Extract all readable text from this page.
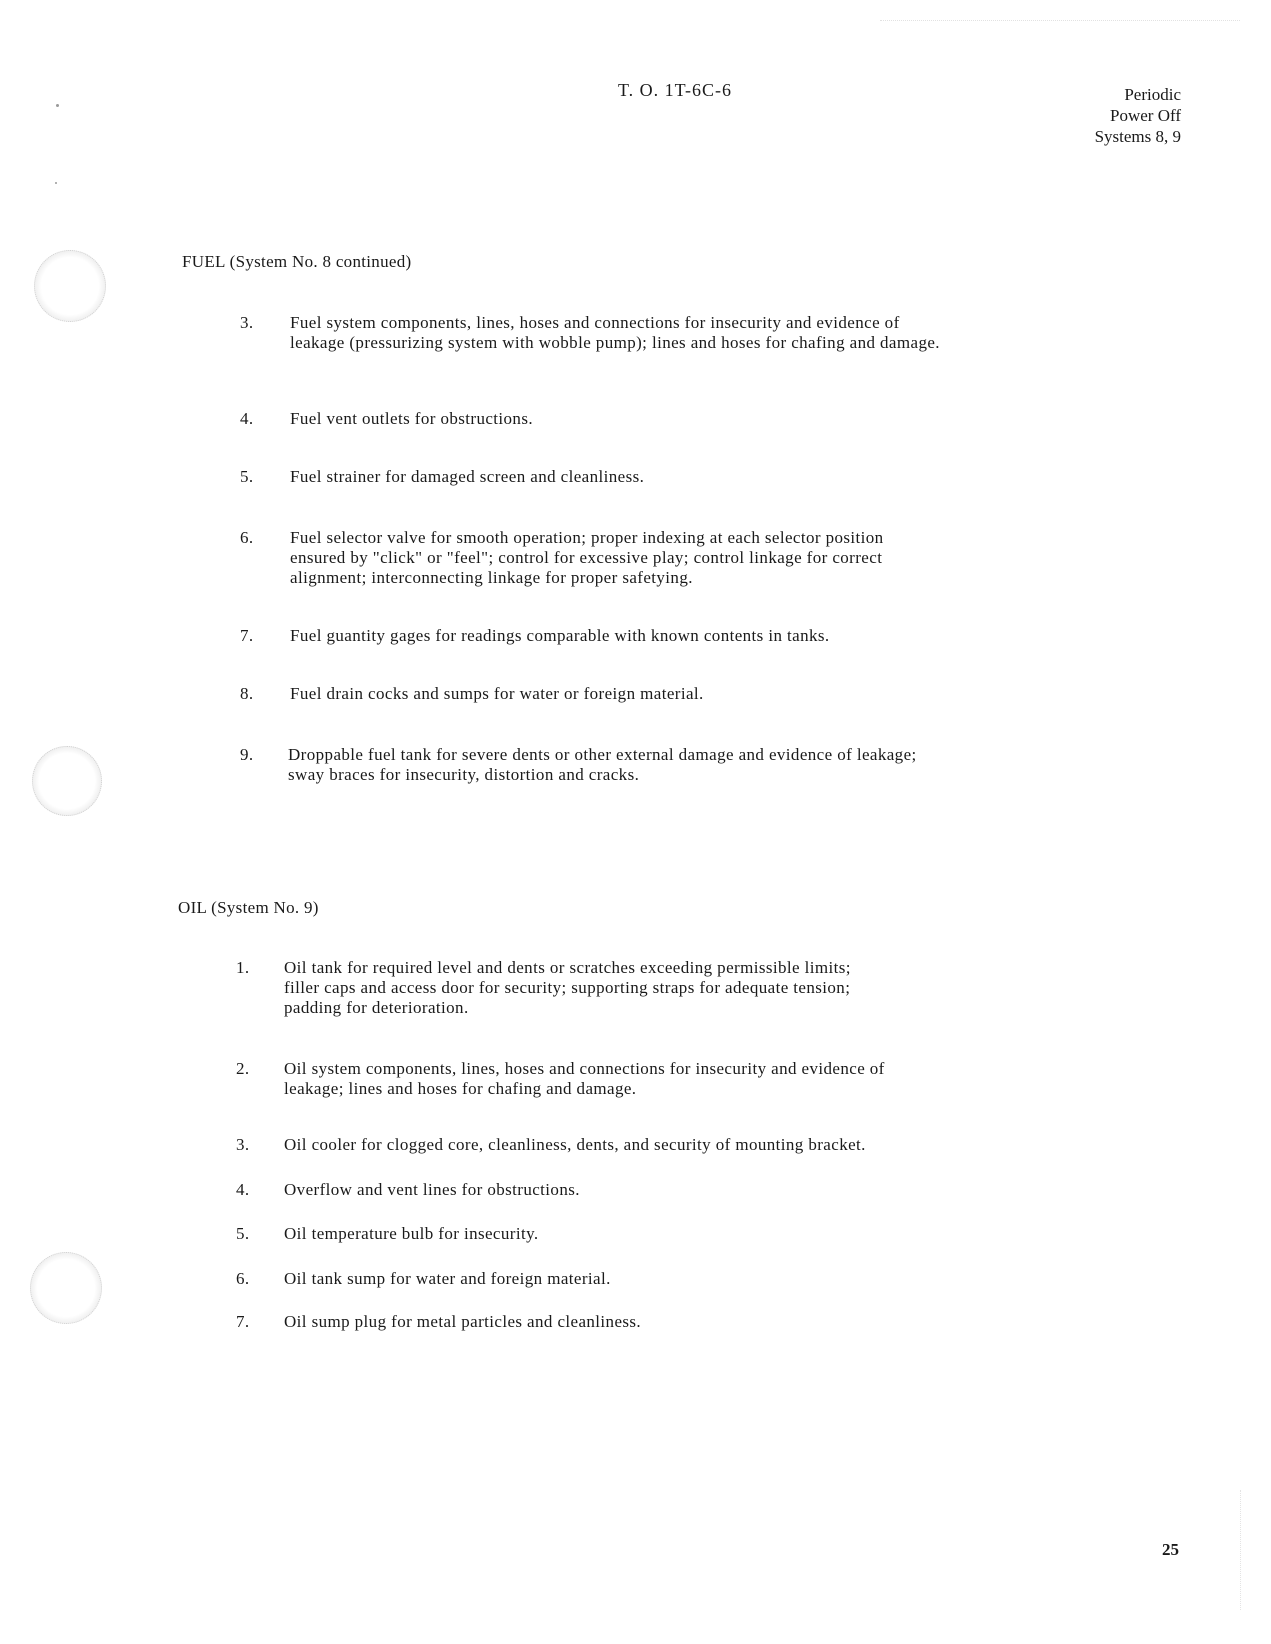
T. O. 1T-6C-6	Periodic
Power Off
Systems 8, 9
FUEL (System No. 8 continued)
3.	Fuel system components, lines, hoses and connections for insecurity and evidence of
leakage (pressurizing system with wobble pump); lines and hoses for chafing and damage.
4.	Fuel vent outlets for obstructions.
5.	Fuel strainer for damaged screen and cleanliness.
6.	Fuel selector valve for smooth operation; proper indexing at each selector position
ensured by "click" or "feel"; control for excessive play; control linkage for correct
alignment; interconnecting linkage for proper safetying.
7.	Fuel guantity gages for readings comparable with known contents in tanks.
8.	Fuel drain cocks and sumps for water or foreign material.
9.	Droppable fuel tank for severe dents or other external damage and evidence of leakage;
sway braces for insecurity, distortion and cracks.
OIL (System No. 9)
1.	Oil tank for required level and dents or scratches exceeding permissible limits;
filler caps and access door for security; supporting straps for adequate tension;
padding for deterioration.
2.	Oil system components, lines, hoses and connections for insecurity and evidence of
leakage; lines and hoses for chafing and damage.
3.	Oil cooler for clogged core, cleanliness, dents, and security of mounting bracket.
4.	Overflow and vent lines for obstructions.
5.	Oil temperature bulb for insecurity.
6.	Oil tank sump for water and foreign material.
7.	Oil sump plug for metal particles and cleanliness.
25
